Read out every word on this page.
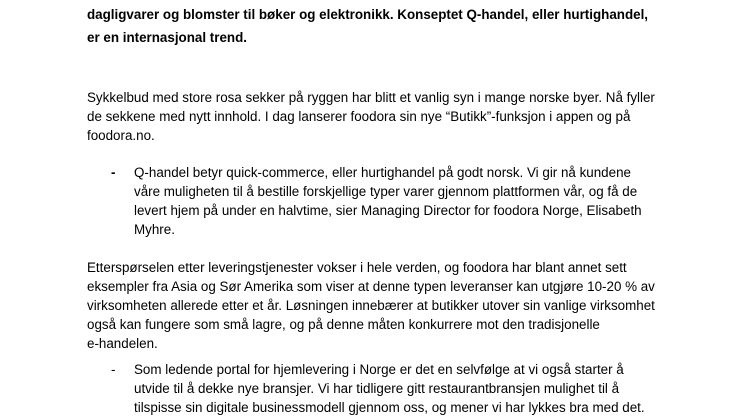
dagligvarer og blomster til bøker og elektronikk. Konseptet Q-handel, eller hurtighandel,
er en internasjonal trend.
Sykkelbud med store rosa sekker på ryggen har blitt et vanlig syn i mange norske byer. Nå fyller
de sekkene med nytt innhold. I dag lanserer foodora sin nye “Butikk”-funksjon i appen og på
foodora.no.
- Q-handel betyr quick-commerce, eller hurtighandel på godt norsk. Vi gir nå kundene
våre muligheten til å bestille forskjellige typer varer gjennom plattformen vår, og få de
levert hjem på under en halvtime, sier Managing Director for foodora Norge, Elisabeth
Myhre.
Etterspørselen etter leveringstjenester vokser i hele verden, og foodora har blant annet sett
eksempler fra Asia og Sør Amerika som viser at denne typen leveranser kan utgjøre 10-20 % av
virksomheten allerede etter et år. Løsningen innebærer at butikker utover sin vanlige virksomhet
også kan fungere som små lagre, og på denne måten konkurrere mot den tradisjonelle
e-handelen.
- Som ledende portal for hjemlevering i Norge er det en selvfølge at vi også starter å
utvide til å dekke nye bransjer. Vi har tidligere gitt restaurantbransjen mulighet til å
tilspisse sin digitale businessmodell gjennom oss, og mener vi har lykkes bra med det.
